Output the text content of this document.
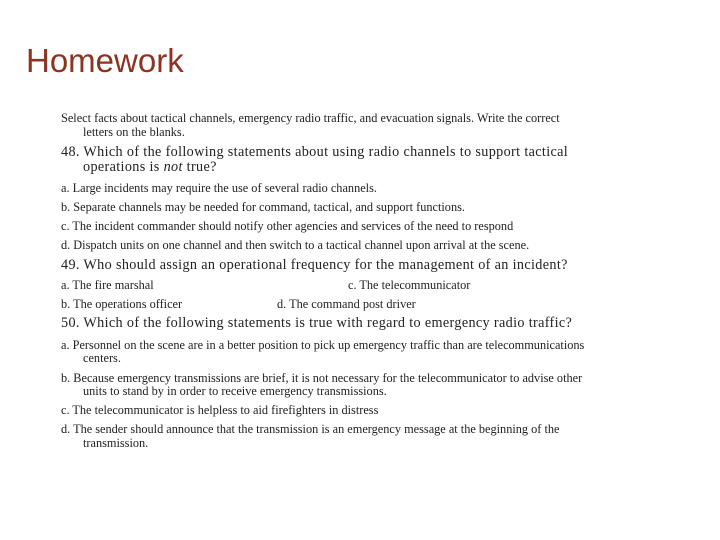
Homework
Select facts about tactical channels, emergency radio traffic, and evacuation signals. Write the correct
letters on the blanks.
48. Which of the following statements about using radio channels to support tactical
operations is not true?
a. Large incidents may require the use of several radio channels.
b. Separate channels may be needed for command, tactical, and support functions.
c. The incident commander should notify other agencies and services of the need to respond
d. Dispatch units on one channel and then switch to a tactical channel upon arrival at the scene.
49. Who should assign an operational frequency for the management of an incident?
a. The fire marshal	c. The telecommunicator
b. The operations officer	d. The command post driver
50. Which of the following statements is true with regard to emergency radio traffic?
a. Personnel on the scene are in a better position to pick up emergency traffic than are telecommunications
centers.
b. Because emergency transmissions are brief, it is not necessary for the telecommunicator to advise other
units to stand by in order to receive emergency transmissions.
c. The telecommunicator is helpless to aid firefighters in distress
d. The sender should announce that the transmission is an emergency message at the beginning of the
transmission.
